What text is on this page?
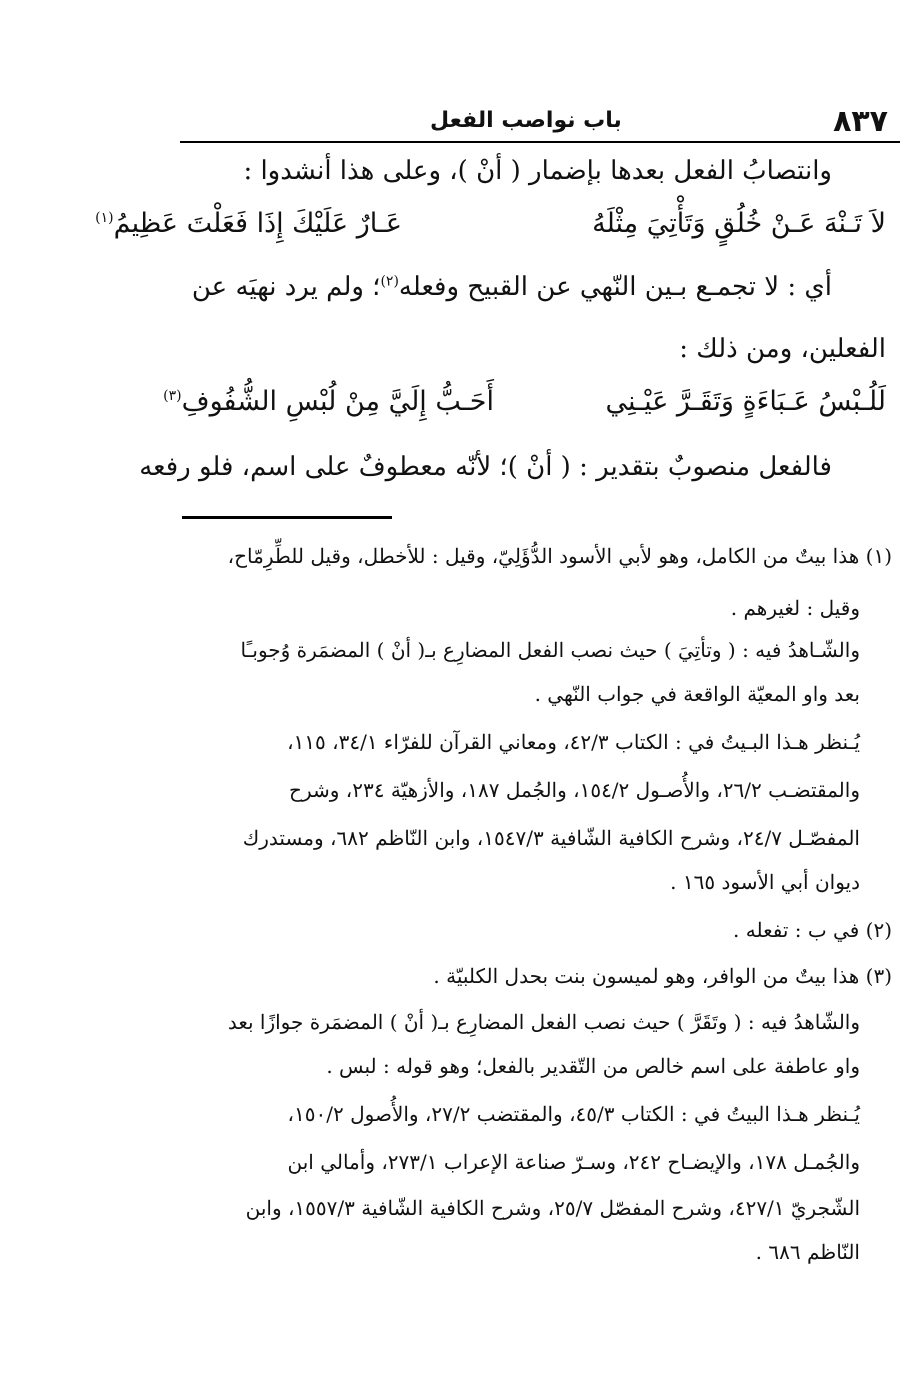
٨٣٧
باب نواصب الفعل
وانتصابُ الفعل بعدها بإضمار ( أنْ )، وعلى هذا أنشدوا :
لاَ تَـنْهَ عَـنْ خُلُقٍ وَتَأْتِيَ مِثْلَهُ
عَـارٌ عَلَيْكَ إِذَا فَعَلْتَ عَظِيمُ$^{(١)}$
أي : لا تجمـع بـين النّهي عن القبيح وفعله$^{(٢)}$؛ ولم يرد نهيَه عن
الفعلين، ومن ذلك :
لَلُـبْسُ عَـبَاءَةٍ وَتَقَـرَّ عَيْـنِي
أَحَـبُّ إِلَيَّ مِنْ لُبْسِ الشُّفُوفِ$^{(٣)}$
فالفعل منصوبٌ بتقدير : ( أنْ )؛ لأنّه معطوفٌ على اسم، فلو رفعه
(١) هذا بيتٌ من الكامل، وهو لأبي الأسود الدُّؤَلِيّ، وقيل : للأخطل، وقيل للطِّرِمّاح،
وقيل : لغيرهم .
والشّـاهدُ فيه : ( وتأتِيَ ) حيث نصب الفعل المضارِع بـ( أنْ ) المضمَرة وُجوبـًا
بعد واو المعيّة الواقعة في جواب النّهي .
يُـنظر هـذا البـيتُ في : الكتاب ٤٢/٣، ومعاني القرآن للفرّاء ٣٤/١، ١١٥،
والمقتضـب ٢٦/٢، والأُصـول ١٥٤/٢، والجُمل ١٨٧، والأزهيّة ٢٣٤، وشرح
المفصّـل ٢٤/٧، وشرح الكافية الشّافية ١٥٤٧/٣، وابن النّاظم ٦٨٢، ومستدرك
ديوان أبي الأسود ١٦٥ .
(٢) في ب : تفعله .
(٣) هذا بيتٌ من الوافر، وهو لميسون بنت بحدل الكلبيّة .
والشّاهدُ فيه : ( وتَقَرَّ ) حيث نصب الفعل المضارِع بـ( أنْ ) المضمَرة جوازًا بعد
واو عاطفة على اسم خالص من التّقدير بالفعل؛ وهو قوله : لبس .
يُـنظر هـذا البيتُ في : الكتاب ٤٥/٣، والمقتضب ٢٧/٢، والأُصول ١٥٠/٢،
والجُمـل ١٧٨، والإيضـاح ٢٤٢، وسـرّ صناعة الإعراب ٢٧٣/١، وأمالي ابن
الشّجريّ ٤٢٧/١، وشرح المفصّل ٢٥/٧، وشرح الكافية الشّافية ١٥٥٧/٣، وابن
النّاظم ٦٨٦ .
